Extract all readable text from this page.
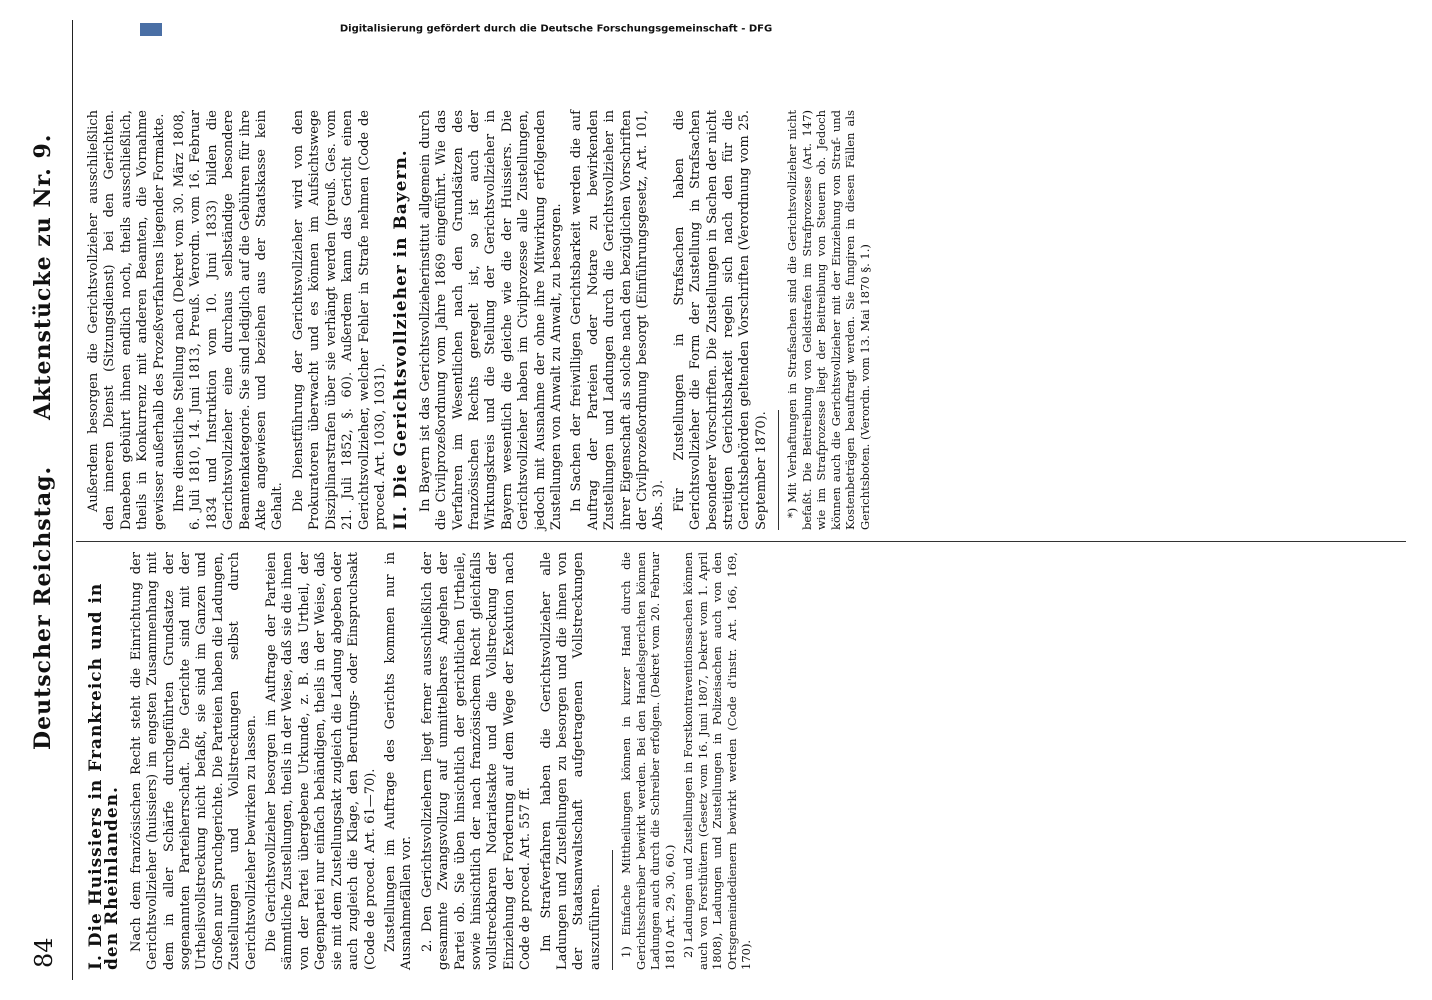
84
Deutscher Reichstag.
Aktenstücke zu Nr. 9.
I. Die Huissiers in Frankreich und in den Rheinlanden. Nach dem französischen Recht steht die Einrichtung der Gerichtsvollzieher (huissiers) im engsten Zusammenhang mit dem in aller Schärfe durchgeführten Grundsatze der sogenannten Parteiherrschaft. Die Gerichte sind mit der Urtheilsvollstreckung nicht befaßt, sie sind im Ganzen und Großen nur Spruchgerichte. Die Parteien haben die Ladungen, Zustellungen und Vollstreckungen selbst durch Gerichtsvollzieher bewirken zu lassen. Die Gerichtsvollzieher besorgen im Auftrage der Parteien sämmtliche Zustellungen, theils in der Weise, daß sie die ihnen von der Partei übergebene Urkunde, z. B. das Urtheil, der Gegenpartei nur einfach behändigen, theils in der Weise, daß sie mit dem Zustellungsakt zugleich die Ladung abgeben oder auch zugleich die Klage, den Berufungs- oder Einspruchsakt (Code de proced. Art. 61—70). Zustellungen im Auftrage des Gerichts kommen nur in Ausnahmefällen vor. 2. Den Gerichtsvollziehern liegt ferner ausschließlich der gesammte Zwangsvollzug auf unmittelbares Angehen der Partei ob. Sie üben hinsichtlich der gerichtlichen Urtheile, sowie hinsichtlich der nach französischem Recht gleichfalls vollstreckbaren Notariatsakte und die Vollstreckung der Einziehung der Forderung auf dem Wege der Exekution nach Code de proced. Art. 557 ff. Im Strafverfahren haben die Gerichtsvollzieher alle Ladungen und Zustellungen zu besorgen und die ihnen von der Staatsanwaltschaft aufgetragenen Vollstreckungen auszuführen. 1) Einfache Mittheilungen können in kurzer Hand durch die Gerichtsschreiber bewirkt werden. Bei den Handelsgerichten können Ladungen auch durch die Schreiber erfolgen. (Dekret vom 20. Februar 1810 Art. 29, 30, 60.) 2) Ladungen und Zustellungen in Forstkontraventionssachen können auch von Forsthütern (Gesetz vom 16. Juni 1807, Dekret vom 1. April 1808), Ladungen und Zustellungen in Polizeisachen auch von den Ortsgemeindedienern bewirkt werden (Code d'instr. Art. 166, 169, 170).

Außerdem besorgen die Gerichtsvollzieher ausschließlich den inneren Dienst (Sitzungsdienst) bei den Gerichten. Daneben gebührt ihnen endlich noch, theils ausschließlich, theils in Konkurrenz mit anderen Beamten, die Vornahme gewisser außerhalb des Prozeßverfahrens liegender Formakte. Ihre dienstliche Stellung nach (Dekret vom 30. März 1808, 6. Juli 1810, 14. Juni 1813, Preuß. Verordn. vom 16. Februar 1834 und Instruktion vom 10. Juni 1833) bilden die Gerichtsvollzieher eine durchaus selbständige besondere Beamtenkategorie. Sie sind lediglich auf die Gebühren für ihre Akte angewiesen und beziehen aus der Staatskasse kein Gehalt. Die Dienstführung der Gerichtsvollzieher wird von den Prokuratoren überwacht und es können im Aufsichtswege Disziplinarstrafen über sie verhängt werden (preuß. Ges. vom 21. Juli 1852, §. 60). Außerdem kann das Gericht einen Gerichtsvollzieher, welcher Fehler in Strafe nehmen (Code de proced. Art. 1030, 1031). II. Die Gerichtsvollzieher in Bayern. In Bayern ist das Gerichtsvollzieherinstitut allgemein durch die Civilprozeßordnung vom Jahre 1869 eingeführt. Wie das Verfahren im Wesentlichen nach den Grundsätzen des französischen Rechts geregelt ist, so ist auch der Wirkungskreis und die Stellung der Gerichtsvollzieher in Bayern wesentlich die gleiche wie die der Huissiers. Die Gerichtsvollzieher haben im Civilprozesse alle Zustellungen, jedoch mit Ausnahme der ohne ihre Mitwirkung erfolgenden Zustellungen von Anwalt zu Anwalt, zu besorgen. In Sachen der freiwilligen Gerichtsbarkeit werden die auf Auftrag der Parteien oder Notare zu bewirkenden Zustellungen und Ladungen durch die Gerichtsvollzieher in ihrer Eigenschaft als solche nach den bezüglichen Vorschriften der Civilprozeßordnung besorgt (Einführungsgesetz, Art. 101, Abs. 3). Für Zustellungen in Strafsachen haben die Gerichtsvollzieher die Form der Zustellung in Strafsachen besonderer Vorschriften. Die Zustellungen in Sachen der nicht streitigen Gerichtsbarkeit regeln sich nach den für die Gerichtsbehörden geltenden Vorschriften (Verordnung vom 25. September 1870). *) Mit Verhaftungen in Strafsachen sind die Gerichtsvollzieher nicht befaßt. Die Beitreibung von Geldstrafen im Strafprozesse (Art. 147) wie im Strafprozesse liegt der Beitreibung von Steuern ob. Jedoch können auch die Gerichtsvollzieher mit der Einziehung von Straf- und Kostenbeträgen beauftragt werden. Sie fungiren in diesen Fällen als Gerichtsboten. (Verordn. vom 13. Mai 1870 §. 1.)

Digitalisierung gefördert durch die Deutsche Forschungsgemeinschaft - DFG
